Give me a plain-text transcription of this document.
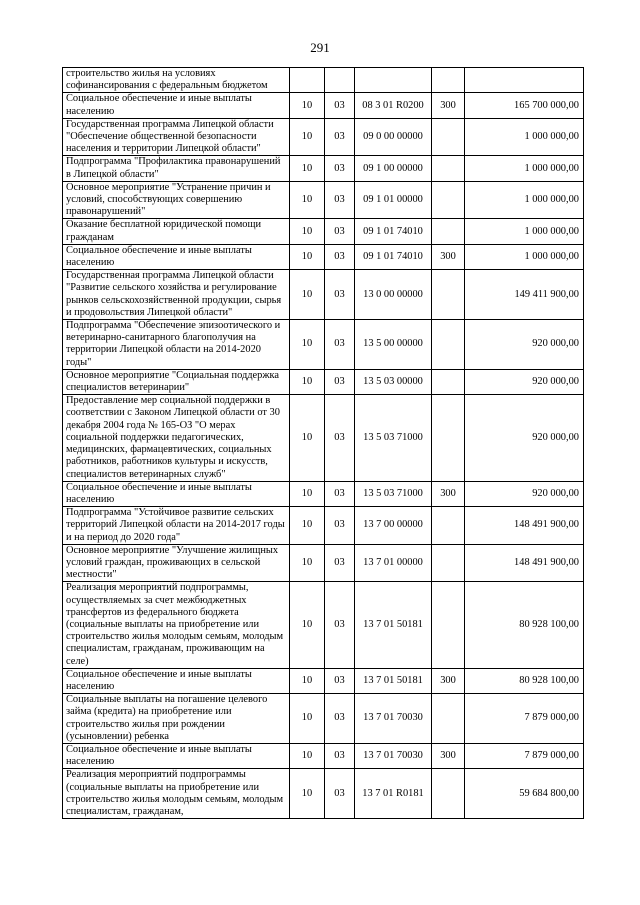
291
строительство жилья на условиях софинансирования с федеральным бюджетом					
Социальное обеспечение и иные выплаты населению	10	03	08 3 01 R0200	300	165 700 000,00
Государственная программа Липецкой области "Обеспечение общественной безопасности населения и территории Липецкой области"	10	03	09 0 00 00000		1 000 000,00
Подпрограмма "Профилактика правонарушений в Липецкой области"	10	03	09 1 00 00000		1 000 000,00
Основное мероприятие "Устранение причин и условий, способствующих совершению правонарушений"	10	03	09 1 01 00000		1 000 000,00
Оказание бесплатной юридической помощи гражданам	10	03	09 1 01 74010		1 000 000,00
Социальное обеспечение и иные выплаты населению	10	03	09 1 01 74010	300	1 000 000,00
Государственная программа Липецкой области "Развитие сельского хозяйства и регулирование рынков сельскохозяйственной продукции, сырья и продовольствия Липецкой области"	10	03	13 0 00 00000		149 411 900,00
Подпрограмма "Обеспечение эпизоотического и ветеринарно-санитарного благополучия на территории Липецкой области на 2014-2020 годы"	10	03	13 5 00 00000		920 000,00
Основное мероприятие "Социальная поддержка специалистов ветеринарии"	10	03	13 5 03 00000		920 000,00
Предоставление мер социальной поддержки в соответствии с Законом Липецкой области от 30 декабря 2004 года № 165-ОЗ "О мерах социальной поддержки педагогических, медицинских, фармацевтических, социальных работников, работников культуры и искусств, специалистов ветеринарных служб"	10	03	13 5 03 71000		920 000,00
Социальное обеспечение и иные выплаты населению	10	03	13 5 03 71000	300	920 000,00
Подпрограмма "Устойчивое развитие сельских территорий Липецкой области на 2014-2017 годы и на период до 2020 года"	10	03	13 7 00 00000		148 491 900,00
Основное мероприятие "Улучшение жилищных условий граждан, проживающих в сельской местности"	10	03	13 7 01 00000		148 491 900,00
Реализация мероприятий подпрограммы, осуществляемых за счет межбюджетных трансфертов из федерального бюджета (социальные выплаты на приобретение или строительство жилья молодым семьям, молодым специалистам, гражданам, проживающим на селе)	10	03	13 7 01 50181		80 928 100,00
Социальное обеспечение и иные выплаты населению	10	03	13 7 01 50181	300	80 928 100,00
Социальные выплаты на погашение целевого займа (кредита) на приобретение или строительство жилья при рождении (усыновлении) ребенка	10	03	13 7 01 70030		7 879 000,00
Социальное обеспечение и иные выплаты населению	10	03	13 7 01 70030	300	7 879 000,00
Реализация мероприятий подпрограммы (социальные выплаты на приобретение или строительство жилья молодым семьям, молодым специалистам, гражданам,	10	03	13 7 01 R0181		59 684 800,00
